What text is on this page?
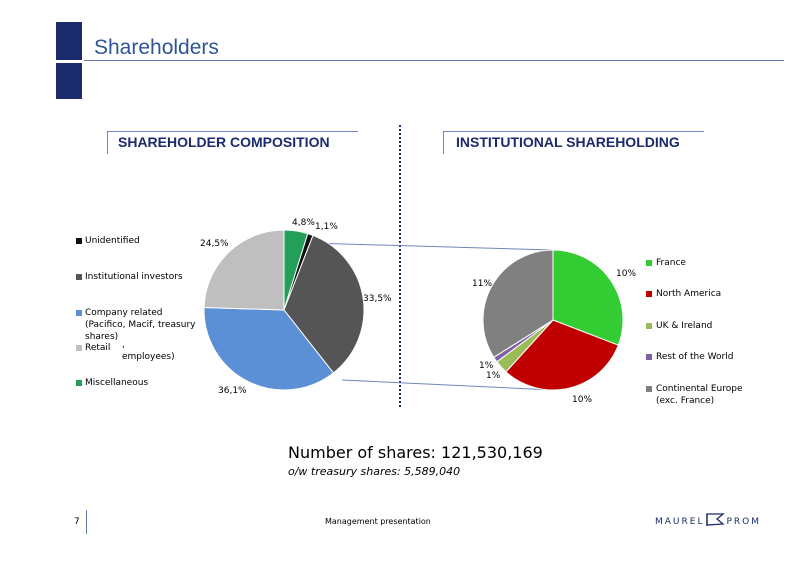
Shareholders
SHAREHOLDER COMPOSITION	INSTITUTIONAL SHAREHOLDING
Unidentified
Institutional investors
Company related
(Pacifico, Macif, treasury
shares)
, employees)
Retail
Miscellaneous
France
North America
UK & Ireland
Rest of the World
Continental Europe
(exc. France)
4,8% 1,1%
33,5%
36,1%
24,5%
10%
10%
1%
1%
11%
Number of shares: 121,530,169
o/w treasury shares: 5,589,040
7	Management presentation	MAUREL PROM
